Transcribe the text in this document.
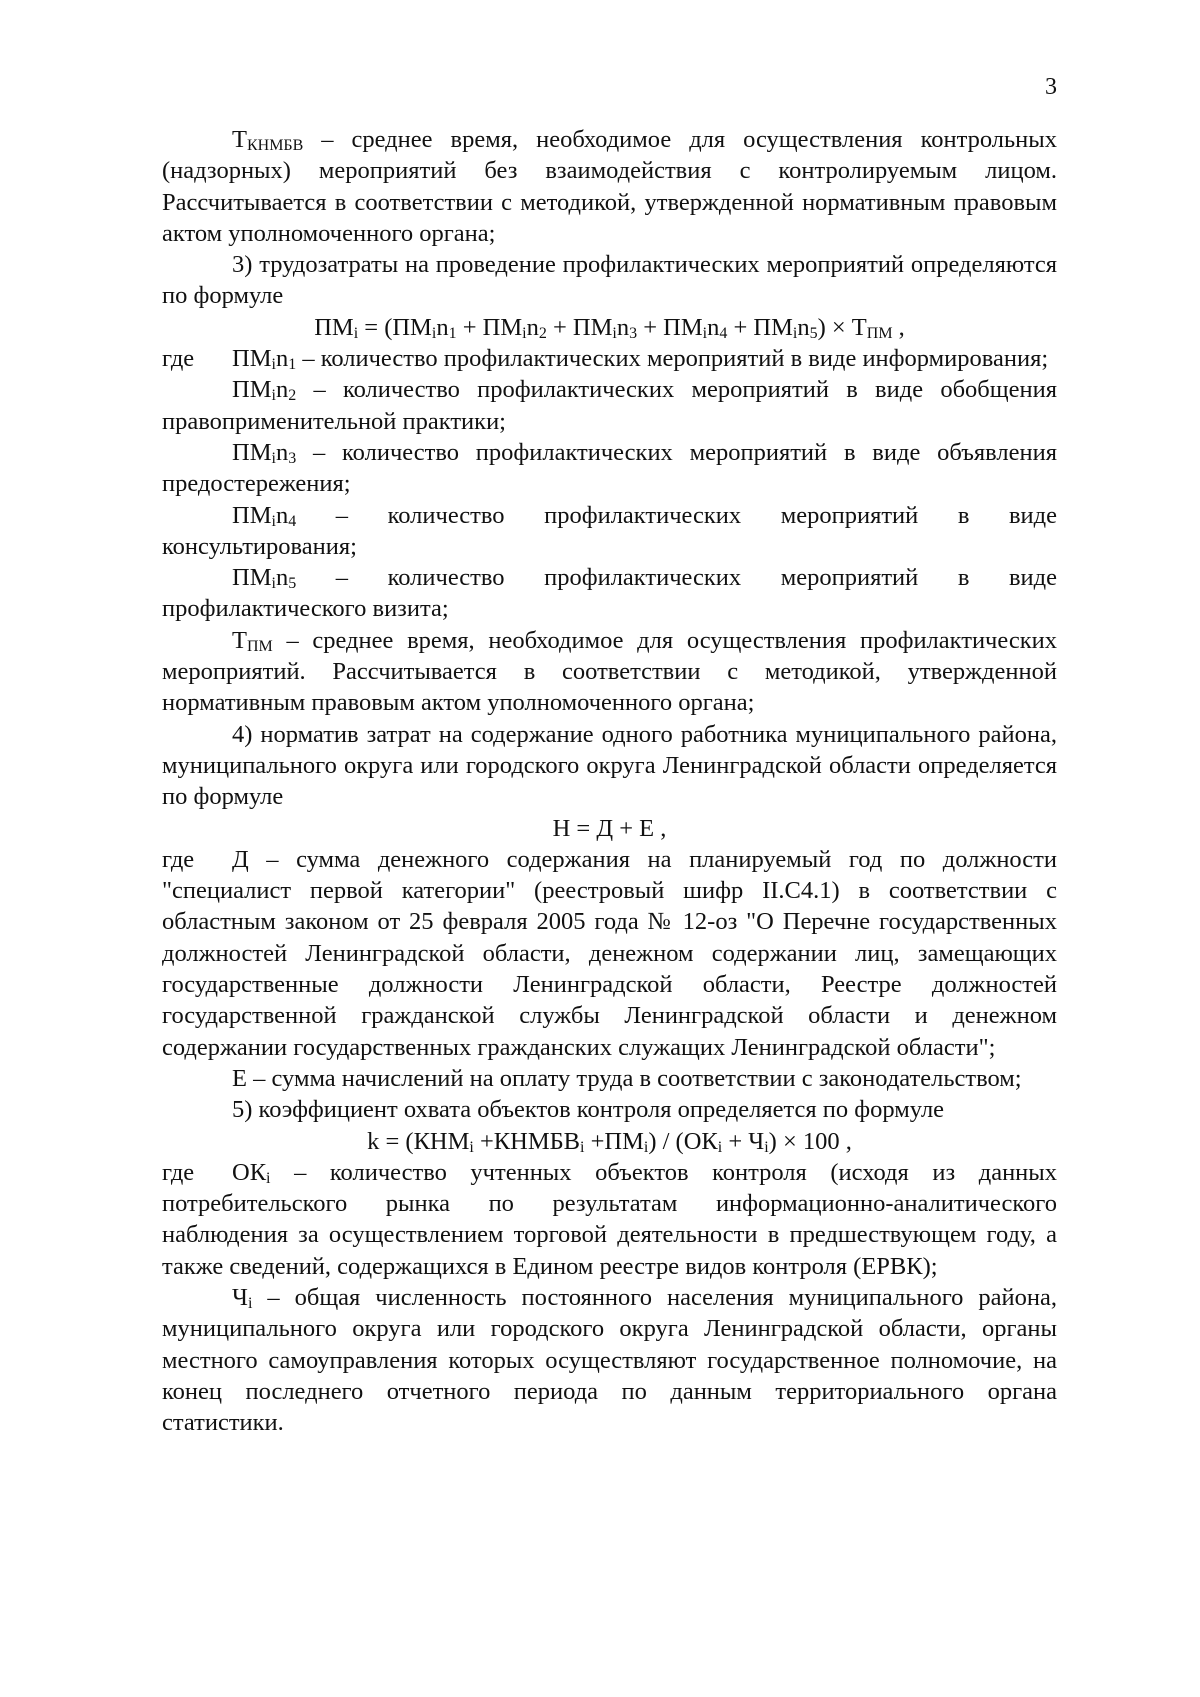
3

$Т_{КНМБВ}$ – среднее время, необходимое для осуществления контрольных (надзорных) мероприятий без взаимодействия с контролируемым лицом. Рассчитывается в соответствии с методикой, утвержденной нормативным правовым актом уполномоченного органа;

3) трудозатраты на проведение профилактических мероприятий определяются по формуле

$ПМ_i = (ПМ_in_1 + ПМ_in_2 + ПМ_in_3 + ПМ_in_4 + ПМ_in_5) \times Т_{ПМ}$ ,

где $ПМ_in_1$ – количество профилактических мероприятий в виде информирования;

$ПМ_in_2$ – количество профилактических мероприятий в виде обобщения правоприменительной практики;

$ПМ_in_3$ – количество профилактических мероприятий в виде объявления предостережения;

$ПМ_in_4$ – количество профилактических мероприятий в виде консультирования;

$ПМ_in_5$ – количество профилактических мероприятий в виде профилактического визита;

$Т_{ПМ}$ – среднее время, необходимое для осуществления профилактических мероприятий. Рассчитывается в соответствии с методикой, утвержденной нормативным правовым актом уполномоченного органа;

4) норматив затрат на содержание одного работника муниципального района, муниципального округа или городского округа Ленинградской области определяется по формуле

Н = Д + Е ,

где Д – сумма денежного содержания на планируемый год по должности "специалист первой категории" (реестровый шифр II.С4.1) в соответствии с областным законом от 25 февраля 2005 года № 12-оз "О Перечне государственных должностей Ленинградской области, денежном содержании лиц, замещающих государственные должности Ленинградской области, Реестре должностей государственной гражданской службы Ленинградской области и денежном содержании государственных гражданских служащих Ленинградской области";

Е – сумма начислений на оплату труда в соответствии с законодательством;

5) коэффициент охвата объектов контроля определяется по формуле

$k = (КНМ_i$ $+КНМБВ_i +ПМ_i) / (ОК_i + Ч_i) \times 100$ ,

где $ОК_i$ – количество учтенных объектов контроля (исходя из данных потребительского рынка по результатам информационно-аналитического наблюдения за осуществлением торговой деятельности в предшествующем году, а также сведений, содержащихся в Едином реестре видов контроля (ЕРВК);

$Ч_i$ – общая численность постоянного населения муниципального района, муниципального округа или городского округа Ленинградской области, органы местного самоуправления которых осуществляют государственное полномочие, на конец последнего отчетного периода по данным территориального органа статистики.
